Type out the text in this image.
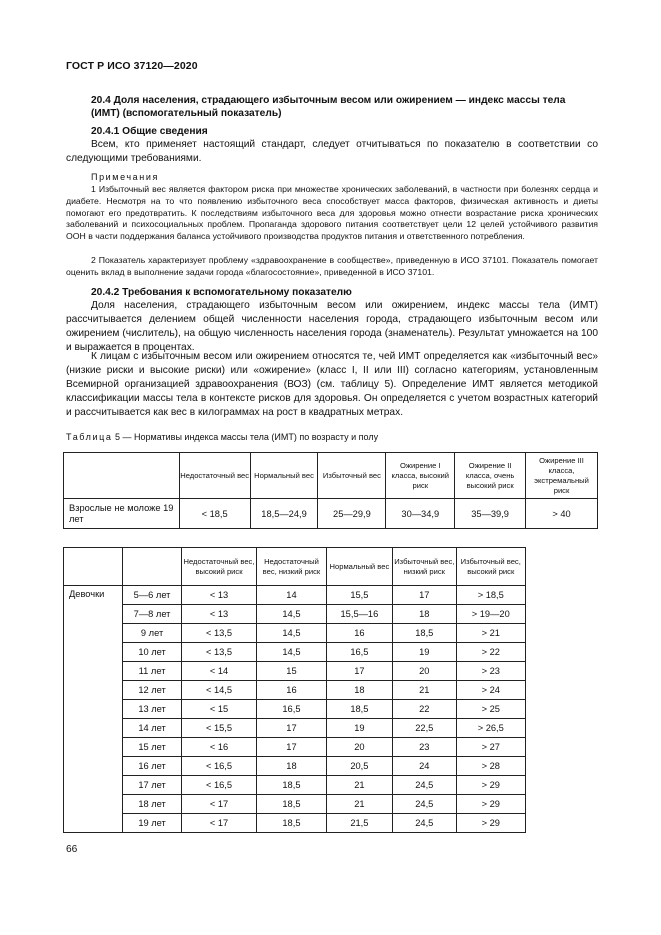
ГОСТ Р ИСО 37120—2020
20.4 Доля населения, страдающего избыточным весом или ожирением — индекс массы тела (ИМТ) (вспомогательный показатель)
20.4.1 Общие сведения

Всем, кто применяет настоящий стандарт, следует отчитываться по показателю в соответствии со следующими требованиями.

Примечания

1 Избыточный вес является фактором риска при множестве хронических заболеваний, в частности при болезнях сердца и диабете. Несмотря на то что появлению избыточного веса способствует масса факторов, физическая активность и диеты помогают его предотвратить. К последствиям избыточного веса для здоровья можно отнести возрастание риска хронических заболеваний и психосоциальных проблем. Пропаганда здорового питания соответствует цели 12 целей устойчивого развития ООН в части поддержания баланса устойчивого производства продуктов питания и ответственного потребления.

2 Показатель характеризует проблему «здравоохранение в сообществе», приведенную в ИСО 37101. Показатель помогает оценить вклад в выполнение задачи города «благосостояние», приведенной в ИСО 37101.

20.4.2 Требования к вспомогательному показателю

Доля населения, страдающего избыточным весом или ожирением, индекс массы тела (ИМТ) рассчитывается делением общей численности населения города, страдающего избыточным весом или ожирением (числитель), на общую численность населения города (знаменатель). Результат умножается на 100 и выражается в процентах.

К лицам с избыточным весом или ожирением относятся те, чей ИМТ определяется как «избыточный вес» (низкие риски и высокие риски) или «ожирение» (класс I, II или III) согласно категориям, установленным Всемирной организацией здравоохранения (ВОЗ) (см. таблицу 5). Определение ИМТ является методикой классификации массы тела в контексте рисков для здоровья. Он определяется с учетом возрастных категорий и рассчитывается как вес в килограммах на рост в квадратных метрах.

Таблица 5 — Нормативы индекса массы тела (ИМТ) по возрасту и полу
	Недостаточный вес	Нормальный вес	Избыточный вес	Ожирение I класса, высокий риск	Ожирение II класса, очень высокий риск	Ожирение III класса, экстремальный риск
Взрослые не моложе 19 лет	< 18,5	18,5—24,9	25—29,9	30—34,9	35—39,9	> 40
		Недостаточный вес, высокий риск	Недостаточный вес, низкий риск	Нормальный вес	Избыточный вес, низкий риск	Избыточный вес, высокий риск
Девочки	5—6 лет	< 13	14	15,5	17	> 18,5
	7—8 лет	< 13	14,5	15,5—16	18	> 19—20
	9 лет	< 13,5	14,5	16	18,5	> 21
	10 лет	< 13,5	14,5	16,5	19	> 22
	11 лет	< 14	15	17	20	> 23
	12 лет	< 14,5	16	18	21	> 24
	13 лет	< 15	16,5	18,5	22	> 25
	14 лет	< 15,5	17	19	22,5	> 26,5
	15 лет	< 16	17	20	23	> 27
	16 лет	< 16,5	18	20,5	24	> 28
	17 лет	< 16,5	18,5	21	24,5	> 29
	18 лет	< 17	18,5	21	24,5	> 29
	19 лет	< 17	18,5	21,5	24,5	> 29
66
